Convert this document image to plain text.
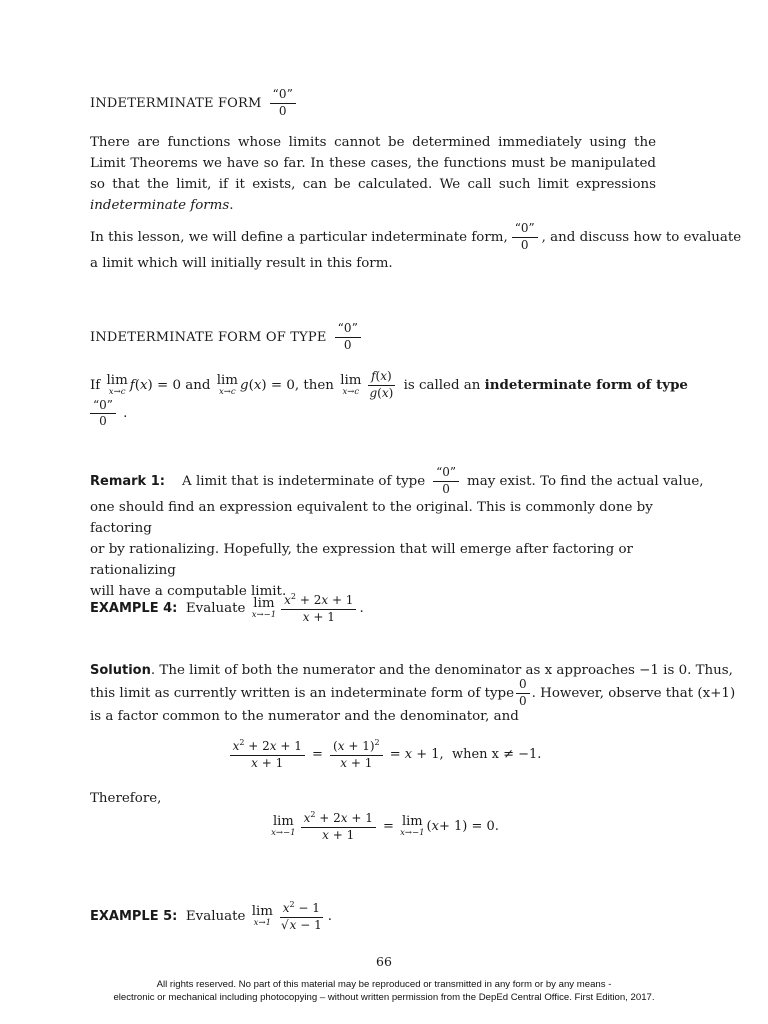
INDETERMINATE FORM $\frac{“0”}{0}$
There are functions whose limits cannot be determined immediately using the Limit Theorems we have so far. In these cases, the functions must be manipulated so that the limit, if it exists, can be calculated. We call such limit expressions indeterminate forms.
In this lesson, we will define a particular indeterminate form, $\frac{“0”}{0}$ , and discuss how to evaluate
a limit which will initially result in this form.
INDETERMINATE FORM OF TYPE $\frac{“0”}{0}$
If
lim
x→c f ( x ) = 0 and
lim
x→c g ( x ) = 0 , then
lim
$x\to c \frac{f(x)}{g(x)}$
is called an
indeterminate form of type
$\frac{“0”}{0}$ .
Remark 1:
A limit that is indeterminate of type $\frac{“0”}{0}$ may exist. To find the actual value,
one should find an expression equivalent to the original. This is commonly done by factoring
or by rationalizing. Hopefully, the expression that will emerge after factoring or rationalizing
will have a computable limit.
EXAMPLE 4:
Evaluate
lim
$x\to-1 \frac{x^2 + 2x + 1}{x + 1}$ .
Solution . The limit of both the numerator and the denominator as x approaches −1 is 0. Thus,
this limit as currently written is an indeterminate form of type $\frac{0}{0}$ . However, observe that (x+1)
is a factor common to the numerator and the denominator, and
$\frac{x^2 + 2x + 1}{x + 1} = \frac{(x + 1)^2}{x + 1} = x + 1$, when x ≠ −1.
Therefore,
lim
$x\to-1 \frac{x^2 + 2x + 1}{x + 1} = \lim$
x→−1 ( x + 1) = 0.
EXAMPLE 5:
Evaluate
lim
$x\to 1 \frac{x^2 - 1}{√x - 1}$ .
66
All rights reserved. No part of this material may be reproduced or transmitted in any form or by any means -
electronic or mechanical including photocopying – without written permission from the DepEd Central Office. First Edition, 2017.
